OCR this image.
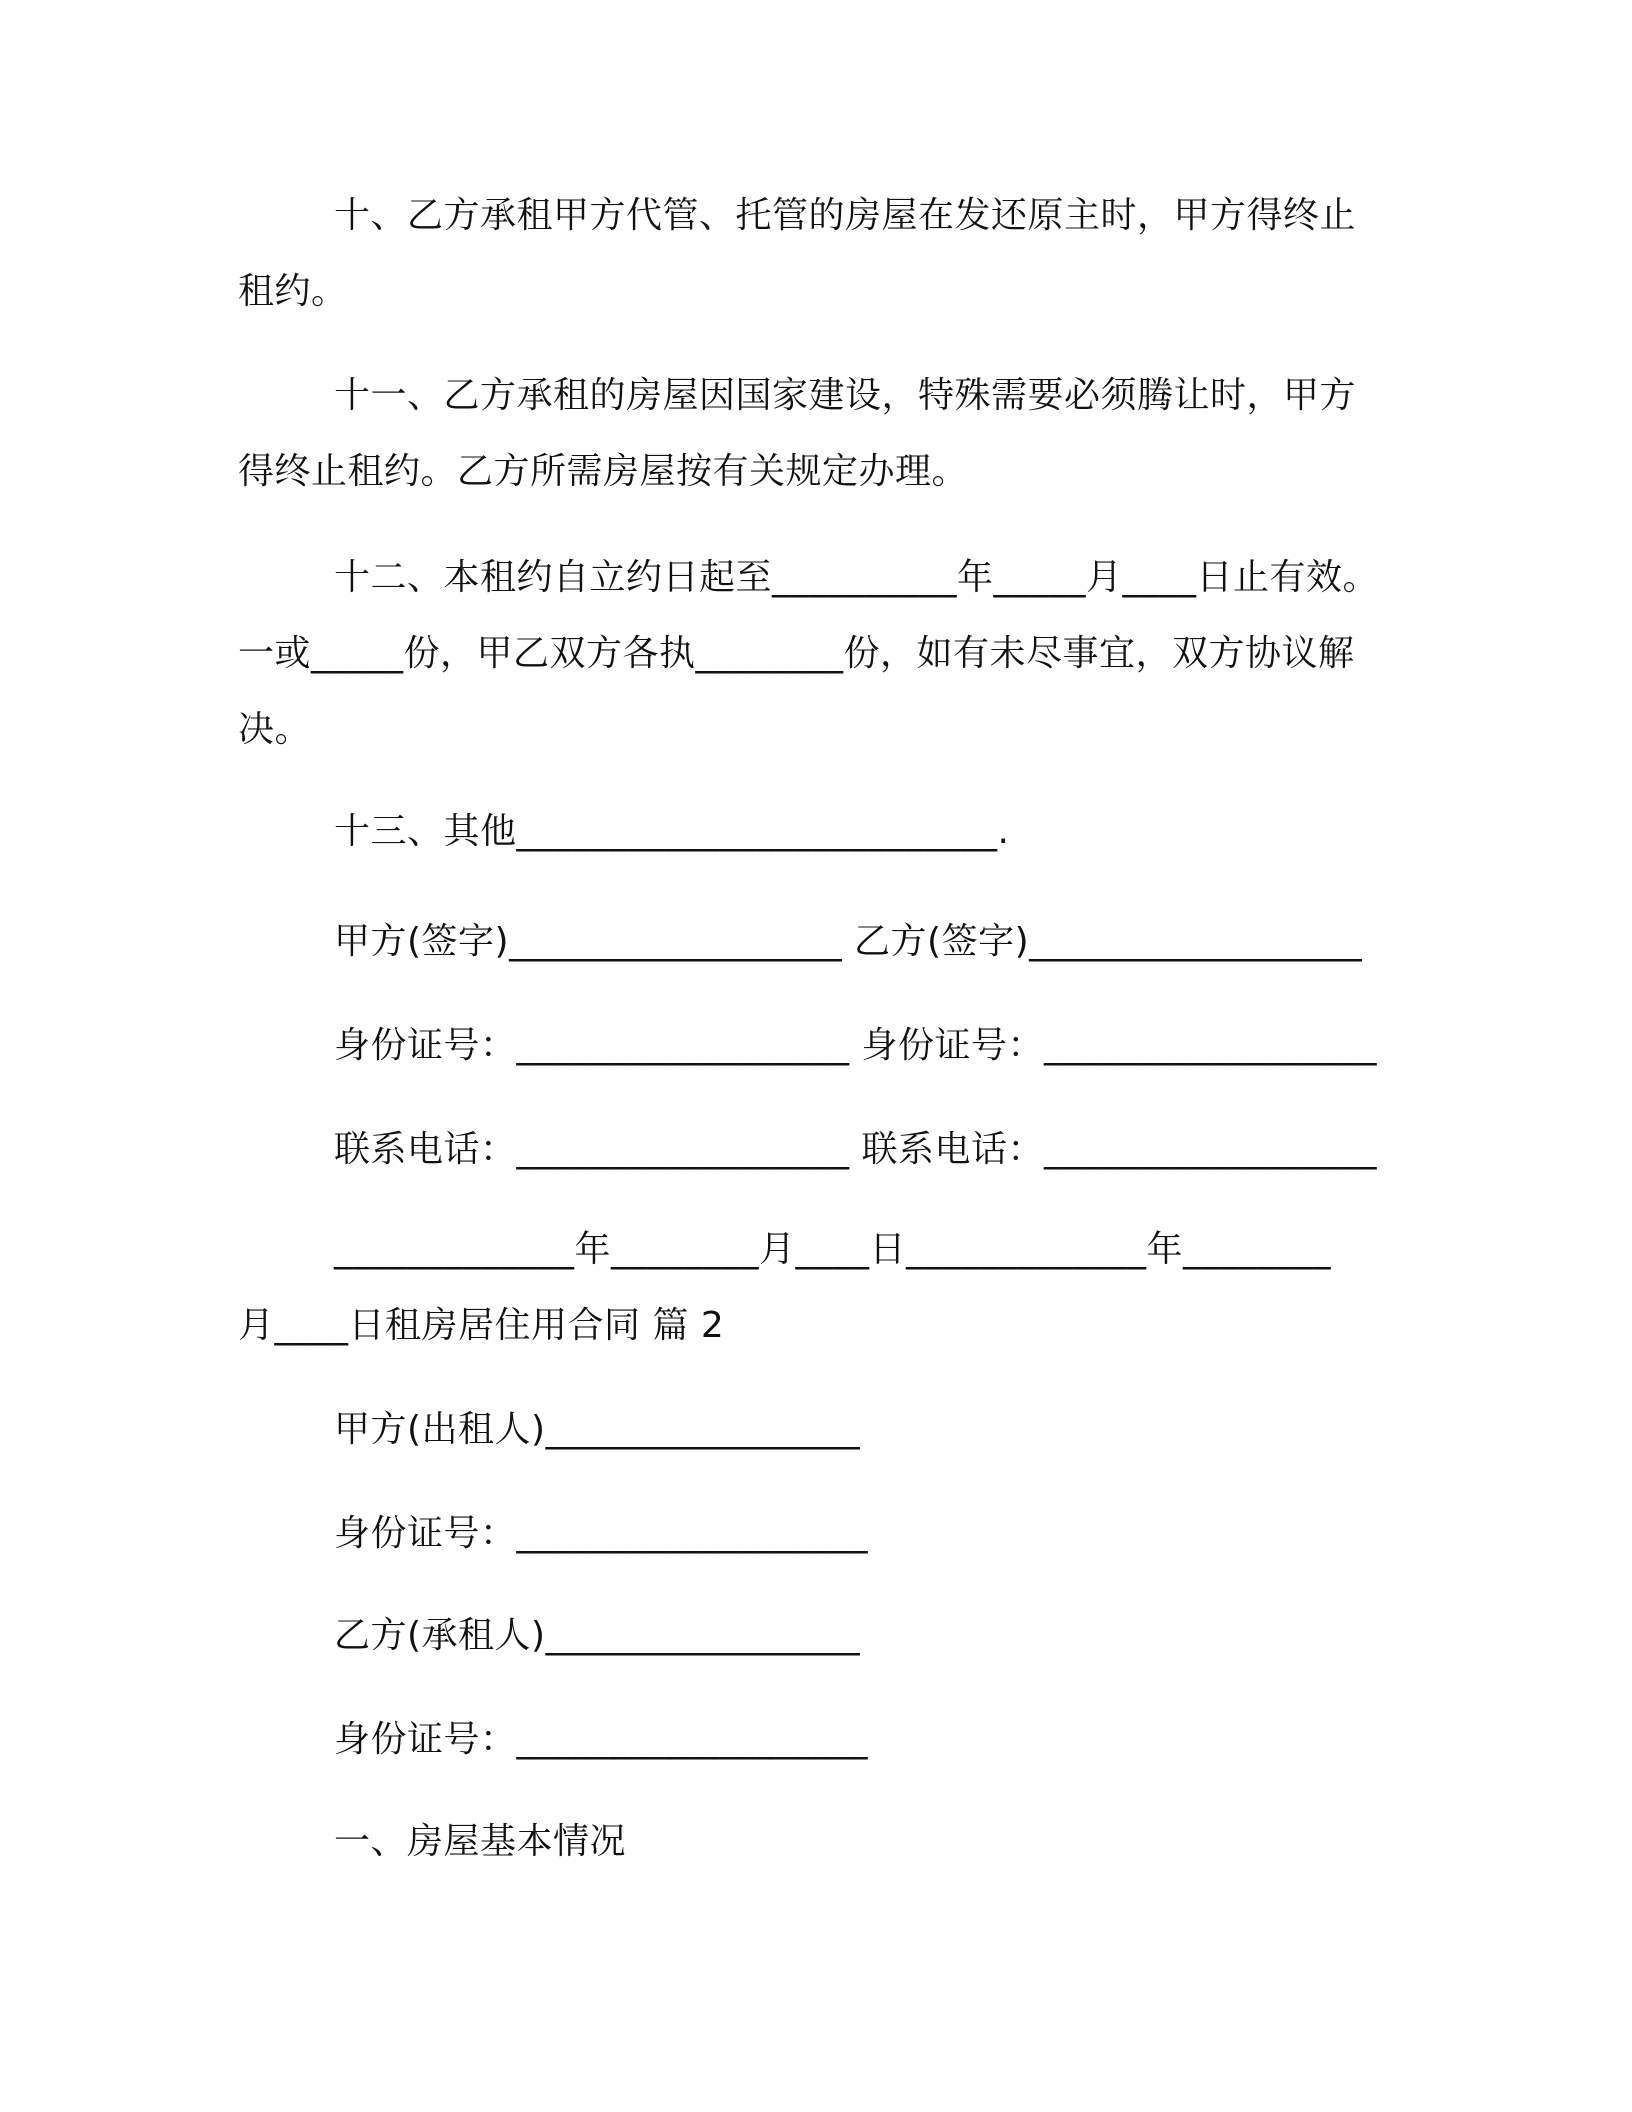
十、乙方承租甲方代管、托管的房屋在发还原主时，甲方得终止
租约。
十一、乙方承租的房屋因国家建设，特殊需要必须腾让时，甲方
得终止租约。乙方所需房屋按有关规定办理。
十二、本租约自立约日起至__________年_____月____日止有效。
一或_____份，甲乙双方各执________份，如有未尽事宜，双方协议解
决。
十三、其他__________________________.
甲方(签字)__________________ 乙方(签字)__________________
身份证号：__________________ 身份证号：__________________
联系电话：__________________ 联系电话：__________________
_____________年________月____日_____________年________
月____日租房居住用合同 篇 2
甲方(出租人)_________________
身份证号：___________________
乙方(承租人)_________________
身份证号：___________________
一、房屋基本情况
